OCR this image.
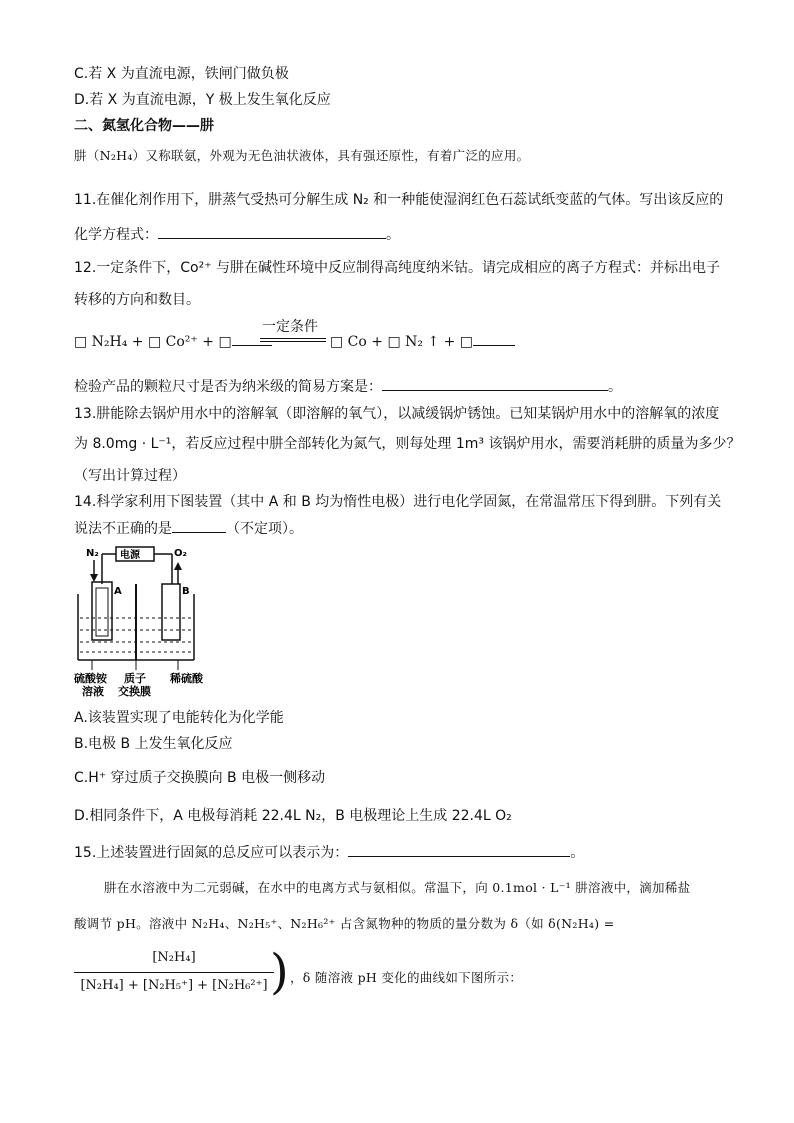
C.若 X 为直流电源，铁闸门做负极
D.若 X 为直流电源，Y 极上发生氧化反应
二、氮氢化合物——肼
肼（N₂H₄）又称联氨，外观为无色油状液体，具有强还原性，有着广泛的应用。
11.在催化剂作用下，肼蒸气受热可分解生成 N₂ 和一种能使湿润红色石蕊试纸变蓝的气体。写出该反应的
化学方程式：	。
12.一定条件下，Co²⁺ 与肼在碱性环境中反应制得高纯度纳米钴。请完成相应的离子方程式：并标出电子
转移的方向和数目。
□ N₂H₄ + □ Co²⁺ + □
一定条件
□ Co + □ N₂ ↑ + □
检验产品的颗粒尺寸是否为纳米级的简易方案是：	。
13.肼能除去锅炉用水中的溶解氧（即溶解的氧气），以减缓锅炉锈蚀。已知某锅炉用水中的溶解氧的浓度
为 8.0mg · L⁻¹，若反应过程中肼全部转化为氮气，则每处理 1m³ 该锅炉用水，需要消耗肼的质量为多少？
（写出计算过程）
14.科学家利用下图装置（其中 A 和 B 均为惰性电极）进行电化学固氮，在常温常压下得到肼。下列有关
说法不正确的是	（不定项）。
N₂ 电源	O₂
A	B
硫酸铵
溶液
质子
交换膜
稀硫酸
A.该装置实现了电能转化为化学能
B.电极 B 上发生氧化反应
C.H⁺ 穿过质子交换膜向 B 电极一侧移动
D.相同条件下，A 电极每消耗 22.4L N₂，B 电极理论上生成 22.4L O₂
15.上述装置进行固氮的总反应可以表示为：	。
肼在水溶液中为二元弱碱，在水中的电离方式与氨相似。常温下，向 0.1mol · L⁻¹ 肼溶液中，滴加稀盐
酸调节 pH。溶液中 N₂H₄、N₂H₅⁺、N₂H₆²⁺ 占含氮物种的物质的量分数为 δ（如 δ(N₂H₄) =
[N₂H₄]
[N₂H₄] + [N₂H₅⁺] + [N₂H₆²⁺] ) ，δ 随溶液 pH 变化的曲线如下图所示：
